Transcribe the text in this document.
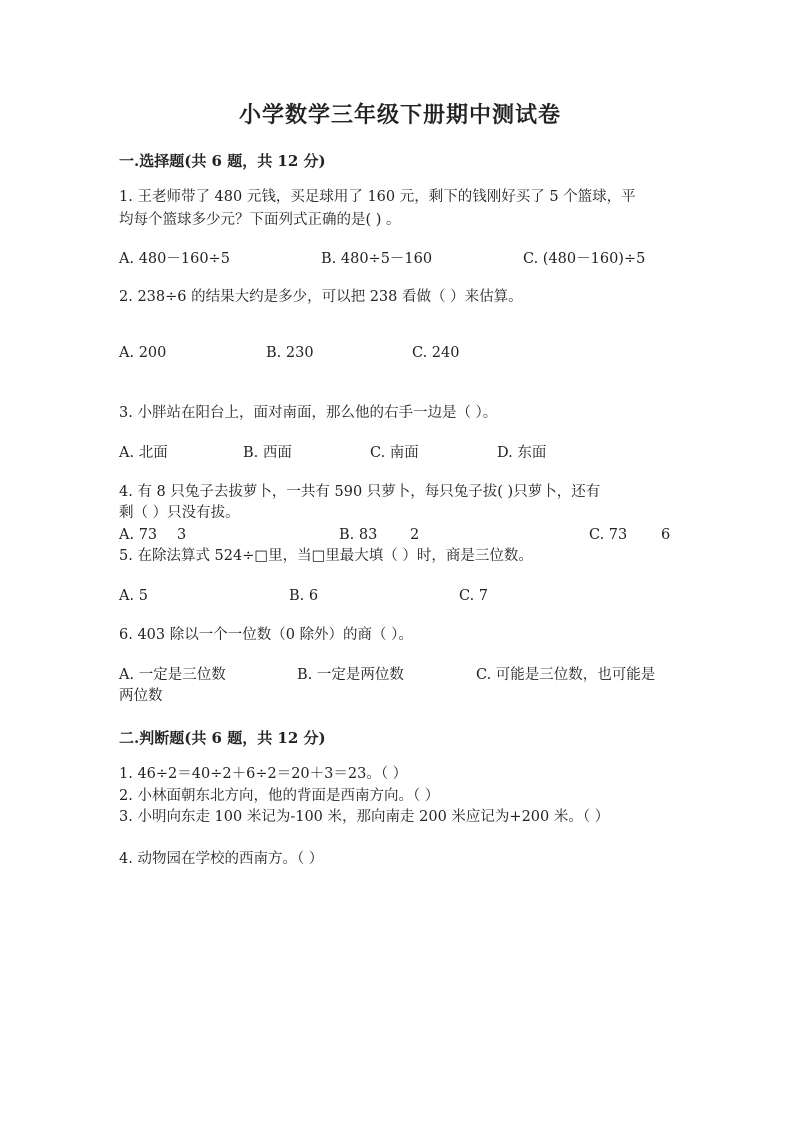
小学数学三年级下册期中测试卷
一.选择题(共 6 题，共 12 分)
1. 王老师带了 480 元钱，买足球用了 160 元，剩下的钱刚好买了 5 个篮球，平
均每个篮球多少元？下面列式正确的是( ) 。
A. 480－160÷5	B. 480÷5－160	C. (480－160)÷5
2. 238÷6 的结果大约是多少，可以把 238 看做（ ）来估算。
A. 200	B. 230	C. 240
3. 小胖站在阳台上，面对南面，那么他的右手一边是（ ）。
A. 北面	B. 西面	C. 南面	D. 东面
4. 有 8 只兔子去拔萝卜，一共有 590 只萝卜，每只兔子拔( )只萝卜，还有
剩（ ）只没有拔。
A. 73 3	B. 83 2	C. 73 6
5. 在除法算式 524÷□里，当□里最大填（ ）时，商是三位数。
A. 5	B. 6	C. 7
6. 403 除以一个一位数（0 除外）的商（ ）。
A. 一定是三位数	B. 一定是两位数	C. 可能是三位数，也可能是
两位数
二.判断题(共 6 题，共 12 分)
1. 46÷2＝40÷2＋6÷2＝20＋3＝23。（ ）
2. 小林面朝东北方向，他的背面是西南方向。（ ）
3. 小明向东走 100 米记为-100 米，那向南走 200 米应记为+200 米。（ ）
4. 动物园在学校的西南方。（ ）
